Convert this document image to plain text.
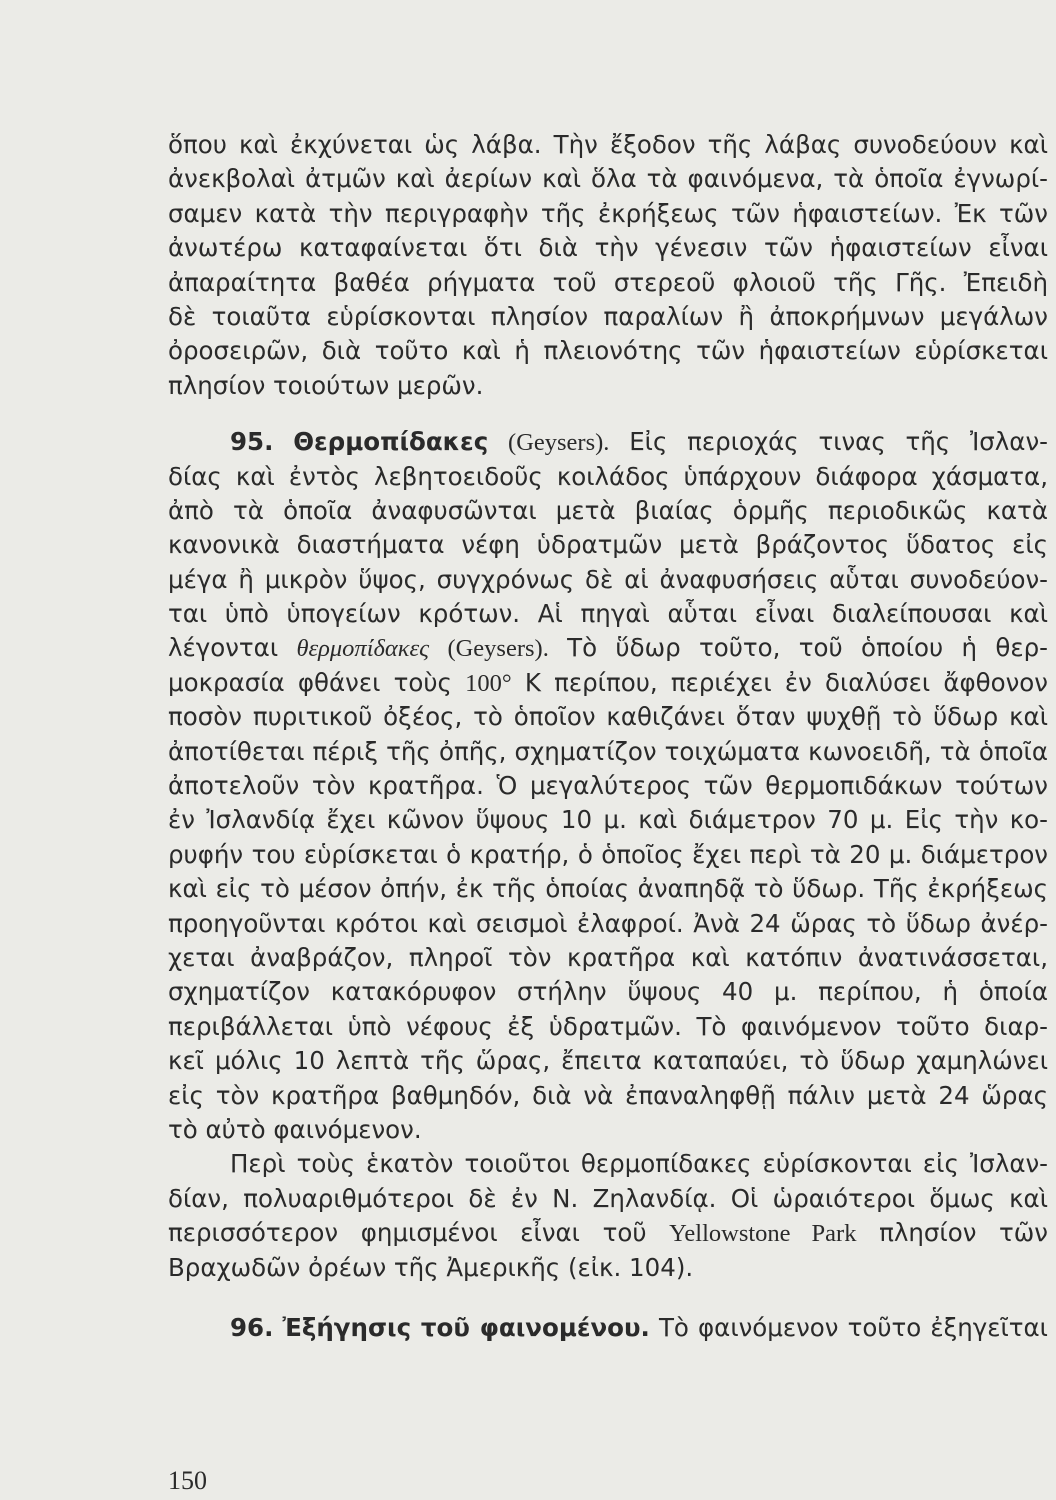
ὅπου καὶ ἐκχύνεται ὡς λάβα. Τὴν ἔξοδον τῆς λάβας συνοδεύουν καὶ
ἀνεκβολαὶ ἀτμῶν καὶ ἀερίων καὶ ὅλα τὰ φαινόμενα, τὰ ὁποῖα ἐγνωρί-
σαμεν κατὰ τὴν περιγραφὴν τῆς ἐκρήξεως τῶν ἡφαιστείων. Ἐκ τῶν
ἀνωτέρω καταφαίνεται ὅτι διὰ τὴν γένεσιν τῶν ἡφαιστείων εἶναι
ἀπαραίτητα βαθέα ρήγματα τοῦ στερεοῦ φλοιοῦ τῆς Γῆς. Ἐπειδὴ
δὲ τοιαῦτα εὑρίσκονται πλησίον παραλίων ἢ ἀποκρήμνων μεγάλων
ὀροσειρῶν, διὰ τοῦτο καὶ ἡ πλειονότης τῶν ἡφαιστείων εὑρίσκεται
πλησίον τοιούτων μερῶν.
95. Θερμοπίδακες (Geysers). Εἰς περιοχάς τινας τῆς Ἰσλαν-
δίας καὶ ἐντὸς λεβητοειδοῦς κοιλάδος ὑπάρχουν διάφορα χάσματα,
ἀπὸ τὰ ὁποῖα ἀναφυσῶνται μετὰ βιαίας ὁρμῆς περιοδικῶς κατὰ
κανονικὰ διαστήματα νέφη ὑδρατμῶν μετὰ βράζοντος ὕδατος εἰς
μέγα ἢ μικρὸν ὕψος, συγχρόνως δὲ αἱ ἀναφυσήσεις αὗται συνοδεύον-
ται ὑπὸ ὑπογείων κρότων. Αἱ πηγαὶ αὗται εἶναι διαλείπουσαι καὶ
λέγονται θερμοπίδακες (Geysers). Τὸ ὕδωρ τοῦτο, τοῦ ὁποίου ἡ θερ-
μοκρασία φθάνει τοὺς 100° Κ περίπου, περιέχει ἐν διαλύσει ἄφθονον
ποσὸν πυριτικοῦ ὀξέος, τὸ ὁποῖον καθιζάνει ὅταν ψυχθῇ τὸ ὕδωρ καὶ
ἀποτίθεται πέριξ τῆς ὀπῆς, σχηματίζον τοιχώματα κωνοειδῆ, τὰ ὁποῖα
ἀποτελοῦν τὸν κρατῆρα. Ὁ μεγαλύτερος τῶν θερμοπιδάκων τούτων
ἐν Ἰσλανδίᾳ ἔχει κῶνον ὕψους 10 μ. καὶ διάμετρον 70 μ. Εἰς τὴν κο-
ρυφήν του εὑρίσκεται ὁ κρατήρ, ὁ ὁποῖος ἔχει περὶ τὰ 20 μ. διάμετρον
καὶ εἰς τὸ μέσον ὀπήν, ἐκ τῆς ὁποίας ἀναπηδᾷ τὸ ὕδωρ. Τῆς ἐκρήξεως
προηγοῦνται κρότοι καὶ σεισμοὶ ἐλαφροί. Ἀνὰ 24 ὥρας τὸ ὕδωρ ἀνέρ-
χεται ἀναβράζον, πληροῖ τὸν κρατῆρα καὶ κατόπιν ἀνατινάσσεται,
σχηματίζον κατακόρυφον στήλην ὕψους 40 μ. περίπου, ἡ ὁποία
περιβάλλεται ὑπὸ νέφους ἐξ ὑδρατμῶν. Τὸ φαινόμενον τοῦτο διαρ-
κεῖ μόλις 10 λεπτὰ τῆς ὥρας, ἔπειτα καταπαύει, τὸ ὕδωρ χαμηλώνει
εἰς τὸν κρατῆρα βαθμηδόν, διὰ νὰ ἐπαναληφθῇ πάλιν μετὰ 24 ὥρας
τὸ αὐτὸ φαινόμενον.
Περὶ τοὺς ἑκατὸν τοιοῦτοι θερμοπίδακες εὑρίσκονται εἰς Ἰσλαν-
δίαν, πολυαριθμότεροι δὲ ἐν Ν. Ζηλανδίᾳ. Οἱ ὡραιότεροι ὅμως καὶ
περισσότερον φημισμένοι εἶναι τοῦ Yellowstone Park πλησίον τῶν
Βραχωδῶν ὀρέων τῆς Ἀμερικῆς (εἰκ. 104).
96. Ἐξήγησις τοῦ φαινομένου. Τὸ φαινόμενον τοῦτο ἐξηγεῖται
150
